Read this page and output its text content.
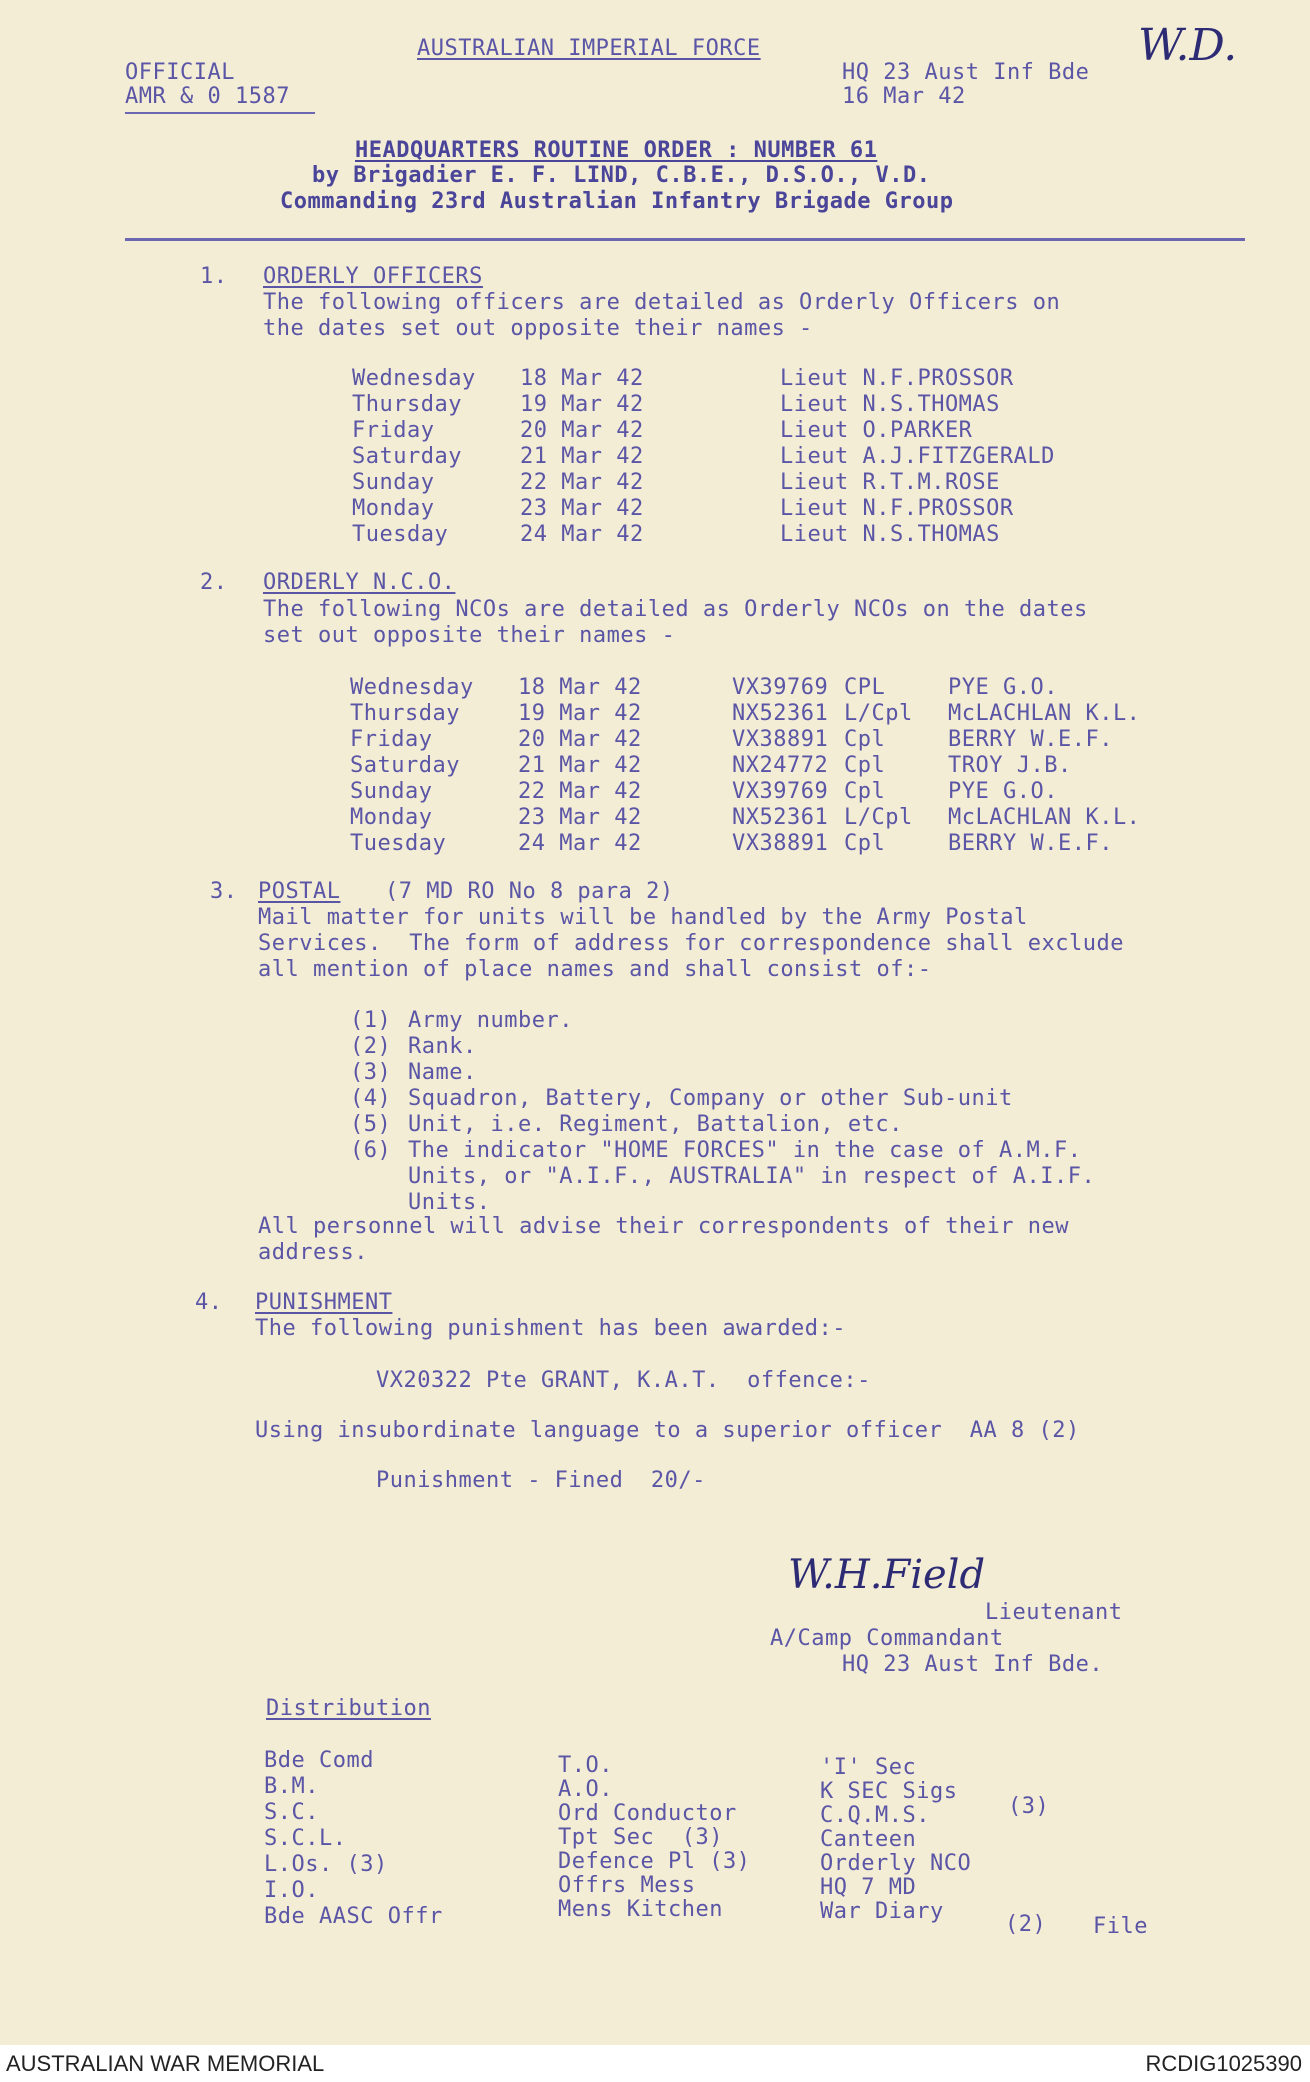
OFFICIAL
AMR & 0 1587
AUSTRALIAN IMPERIAL FORCE
HQ 23 Aust Inf Bde
16 Mar 42
W.D.
HEADQUARTERS ROUTINE ORDER : NUMBER 61
by Brigadier E. F. LIND, C.B.E., D.S.O., V.D.
Commanding 23rd Australian Infantry Brigade Group
1. ORDERLY OFFICERS
The following officers are detailed as Orderly Officers on
the dates set out opposite their names -
Wednesday 18 Mar 42	Lieut N.F.PROSSOR
Thursday	19 Mar 42	Lieut N.S.THOMAS
Friday	20 Mar 42	Lieut O.PARKER
Saturday	21 Mar 42	Lieut A.J.FITZGERALD
Sunday	22 Mar 42	Lieut R.T.M.ROSE
Monday	23 Mar 42	Lieut N.F.PROSSOR
Tuesday	24 Mar 42	Lieut N.S.THOMAS
2. ORDERLY N.C.O.
The following NCOs are detailed as Orderly NCOs on the dates
set out opposite their names -
Wednesday 18 Mar 42	VX39769 CPL	PYE G.O.
Thursday	19 Mar 42	NX52361 L/Cpl McLACHLAN K.L.
Friday	20 Mar 42	VX38891 Cpl	BERRY W.E.F.
Saturday	21 Mar 42	NX24772 Cpl	TROY J.B.
Sunday	22 Mar 42	VX39769 Cpl	PYE G.O.
Monday	23 Mar 42	NX52361 L/Cpl McLACHLAN K.L.
Tuesday	24 Mar 42	VX38891 Cpl	BERRY W.E.F.
3. POSTAL (7 MD RO No 8 para 2)
Mail matter for units will be handled by the Army Postal
Services.  The form of address for correspondence shall exclude
all mention of place names and shall consist of:-
(1) Army number.
(2) Rank.
(3) Name.
(4) Squadron, Battery, Company or other Sub-unit
(5) Unit, i.e. Regiment, Battalion, etc.
(6) The indicator "HOME FORCES" in the case of A.M.F.
Units, or "A.I.F., AUSTRALIA" in respect of A.I.F.
Units.
All personnel will advise their correspondents of their new
address.
4. PUNISHMENT
The following punishment has been awarded:-
VX20322 Pte GRANT, K.A.T.  offence:-
Using insubordinate language to a superior officer  AA 8 (2)
Punishment - Fined  20/-
W.H.Field
Lieutenant
A/Camp Commandant
HQ 23 Aust Inf Bde.
Distribution
Bde Comd
B.M.
S.C.
S.C.L.
L.Os. (3)
I.O.
Bde AASC Offr
T.O.
A.O.
Ord Conductor
Tpt Sec  (3)
Defence Pl (3)
Offrs Mess
Mens Kitchen
'I' Sec
K SEC Sigs
C.Q.M.S.
Canteen
Orderly NCO
HQ 7 MD
War Diary
(3)
(2) File
AUSTRALIAN WAR MEMORIAL	RCDIG1025390
